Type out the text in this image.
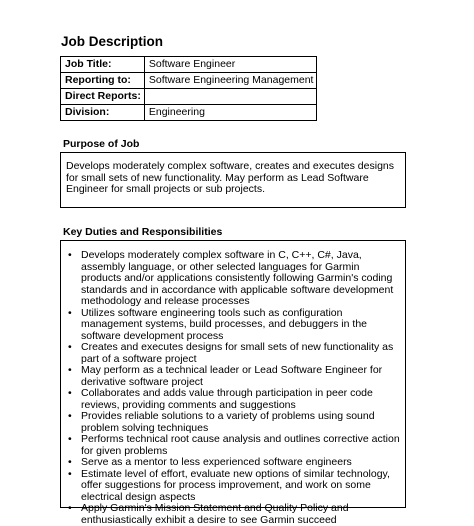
Job Description
Job Title:	Software Engineer
Reporting to:	Software Engineering Management
Direct Reports:	
Division:	Engineering
Purpose of Job
Develops moderately complex software, creates and executes designs for small sets of new functionality. May perform as Lead Software Engineer for small projects or sub projects.
Key Duties and Responsibilities
• Develops moderately complex software in C, C++, C#, Java, assembly language, or other selected languages for Garmin products and/or applications consistently following Garmin's coding standards and in accordance with applicable software development methodology and release processes
• Utilizes software engineering tools such as configuration management systems, build processes, and debuggers in the software development process
• Creates and executes designs for small sets of new functionality as part of a software project
• May perform as a technical leader or Lead Software Engineer for derivative software project
• Collaborates and adds value through participation in peer code reviews, providing comments and suggestions
• Provides reliable solutions to a variety of problems using sound problem solving techniques
• Performs technical root cause analysis and outlines corrective action for given problems
• Serve as a mentor to less experienced software engineers
• Estimate level of effort, evaluate new options of similar technology, offer suggestions for process improvement, and work on some electrical design aspects
• Apply Garmin's Mission Statement and Quality Policy and enthusiastically exhibit a desire to see Garmin succeed
